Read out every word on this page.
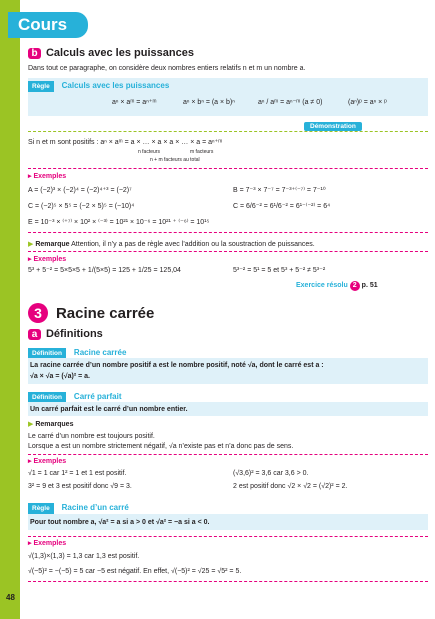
Cours
48
b Calculs avec les puissances
Dans tout ce paragraphe, on considère deux nombres entiers relatifs n et m un nombre a.
Règle Calculs avec les puissances
aⁿ × aᵐ = aⁿ⁺ᵐ	aⁿ × bⁿ = (a × b)ⁿ	aⁿ / aᵐ = aⁿ⁻ᵐ (a ≠ 0)	(aⁿ)ᵖ = aⁿ × ᵖ
Démonstration
Si n et m sont positifs : aⁿ × aᵐ = a × … × a × a × … × a = aⁿ⁺ᵐ
n facteurs	m facteurs
n + m facteurs au total
▸ Exemples
A = (−2)³ × (−2)⁴ = (−2)⁴⁺³ = (−2)⁷	B = 7⁻³ × 7⁻⁷ = 7⁻³⁺⁽⁻⁷⁾ = 7⁻¹⁰
C = (−2)⁵ × 5⁵ = (−2 × 5)⁵ = (−10)⁴	C = 6/6⁻² = 6¹/6⁻² = 6¹⁻⁽⁻²⁾ = 6⁴
E = 10⁻³ × ⁽⁺⁷⁾ × 10² × ⁽⁻³⁾ = 10²¹ × 10⁻⁶ = 10²¹ ⁺ ⁽⁻⁶⁾ = 10¹⁵
▶ Remarque Attention, il n’y a pas de règle avec l’addition ou la soustraction de puissances.
▸ Exemples
5³ + 5⁻² = 5×5×5 + 1/(5×5) = 125 + 1/25 = 125,04	5³⁻² = 5¹ = 5 et 5³ + 5⁻² ≠ 5³⁻²
Exercice résolu 2 p. 51
3 Racine carrée
a Définitions
Définition Racine carrée
La racine carrée d’un nombre positif a est le nombre positif, noté √a, dont le carré est a :
√a × √a = (√a)² = a.
Définition Carré parfait
Un carré parfait est le carré d’un nombre entier.
▶ Remarques
Le carré d’un nombre est toujours positif.
Lorsque a est un nombre strictement négatif, √a n’existe pas et n’a donc pas de sens.
▸ Exemples
√1 = 1 car 1² = 1 et 1 est positif.	(√3,6)² = 3,6 car 3,6 > 0.
3² = 9 et 3 est positif donc √9 = 3.	2 est positif donc √2 × √2 = (√2)² = 2.
Règle Racine d’un carré
Pour tout nombre a, √a² = a si a > 0 et √a² = −a si a < 0.
▸ Exemples
√(1,3)×(1,3) = 1,3 car 1,3 est positif.
√(−5)² = −(−5) = 5 car −5 est négatif. En effet, √(−5)² = √25 = √5² = 5.
